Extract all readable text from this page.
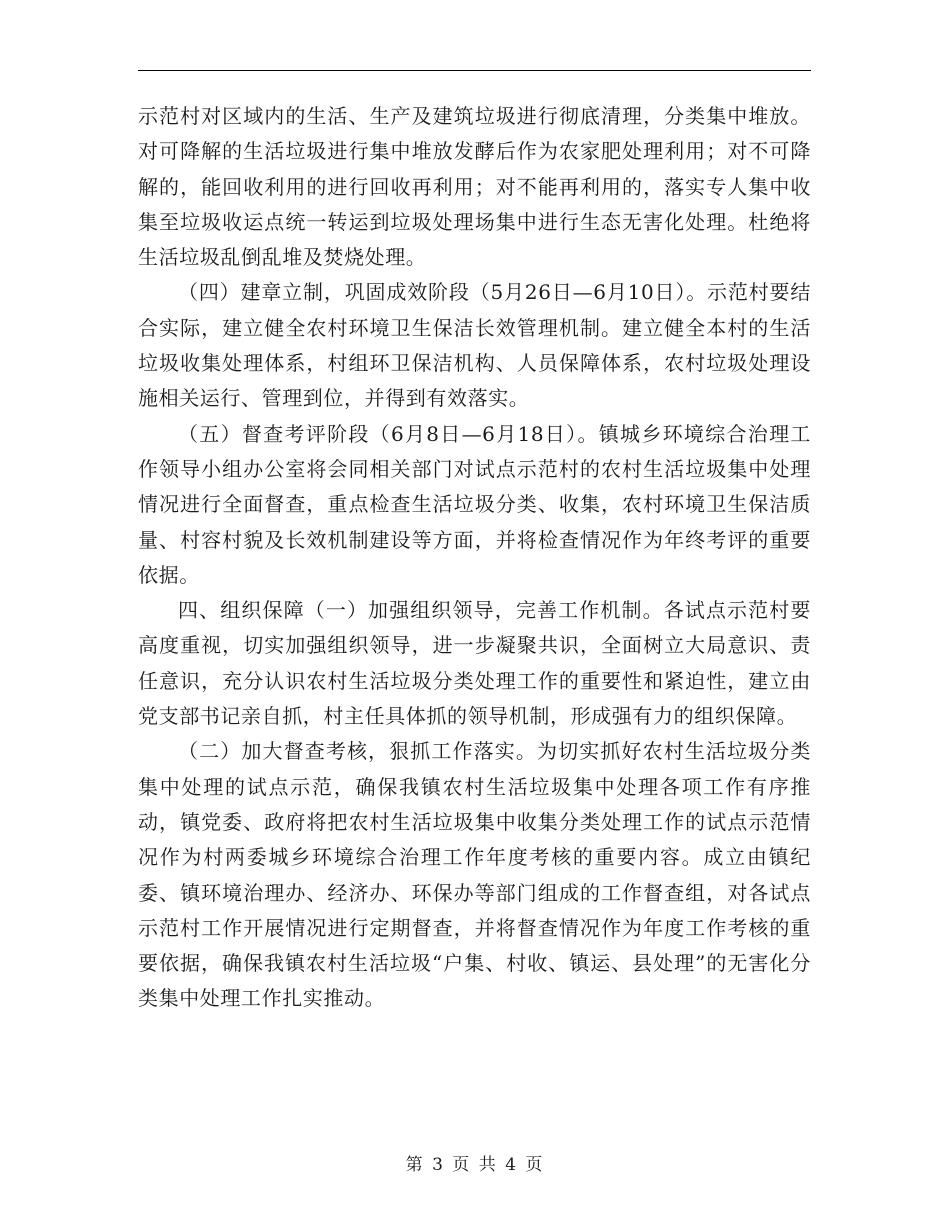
示范村对区域内的生活、生产及建筑垃圾进行彻底清理，分类集中堆放。对可降解的生活垃圾进行集中堆放发酵后作为农家肥处理利用；对不可降解的，能回收利用的进行回收再利用；对不能再利用的，落实专人集中收集至垃圾收运点统一转运到垃圾处理场集中进行生态无害化处理。杜绝将生活垃圾乱倒乱堆及焚烧处理。

（四）建章立制，巩固成效阶段（5月26日—6月10日）。示范村要结合实际，建立健全农村环境卫生保洁长效管理机制。建立健全本村的生活垃圾收集处理体系，村组环卫保洁机构、人员保障体系，农村垃圾处理设施相关运行、管理到位，并得到有效落实。

（五）督查考评阶段（6月8日—6月18日）。镇城乡环境综合治理工作领导小组办公室将会同相关部门对试点示范村的农村生活垃圾集中处理情况进行全面督查，重点检查生活垃圾分类、收集，农村环境卫生保洁质量、村容村貌及长效机制建设等方面，并将检查情况作为年终考评的重要依据。

四、组织保障（一）加强组织领导，完善工作机制。各试点示范村要高度重视，切实加强组织领导，进一步凝聚共识，全面树立大局意识、责任意识，充分认识农村生活垃圾分类处理工作的重要性和紧迫性，建立由党支部书记亲自抓，村主任具体抓的领导机制，形成强有力的组织保障。

（二）加大督查考核，狠抓工作落实。为切实抓好农村生活垃圾分类集中处理的试点示范，确保我镇农村生活垃圾集中处理各项工作有序推动，镇党委、政府将把农村生活垃圾集中收集分类处理工作的试点示范情况作为村两委城乡环境综合治理工作年度考核的重要内容。成立由镇纪委、镇环境治理办、经济办、环保办等部门组成的工作督查组，对各试点示范村工作开展情况进行定期督查，并将督查情况作为年度工作考核的重要依据，确保我镇农村生活垃圾“户集、村收、镇运、县处理”的无害化分类集中处理工作扎实推动。

第 3 页 共 4 页
